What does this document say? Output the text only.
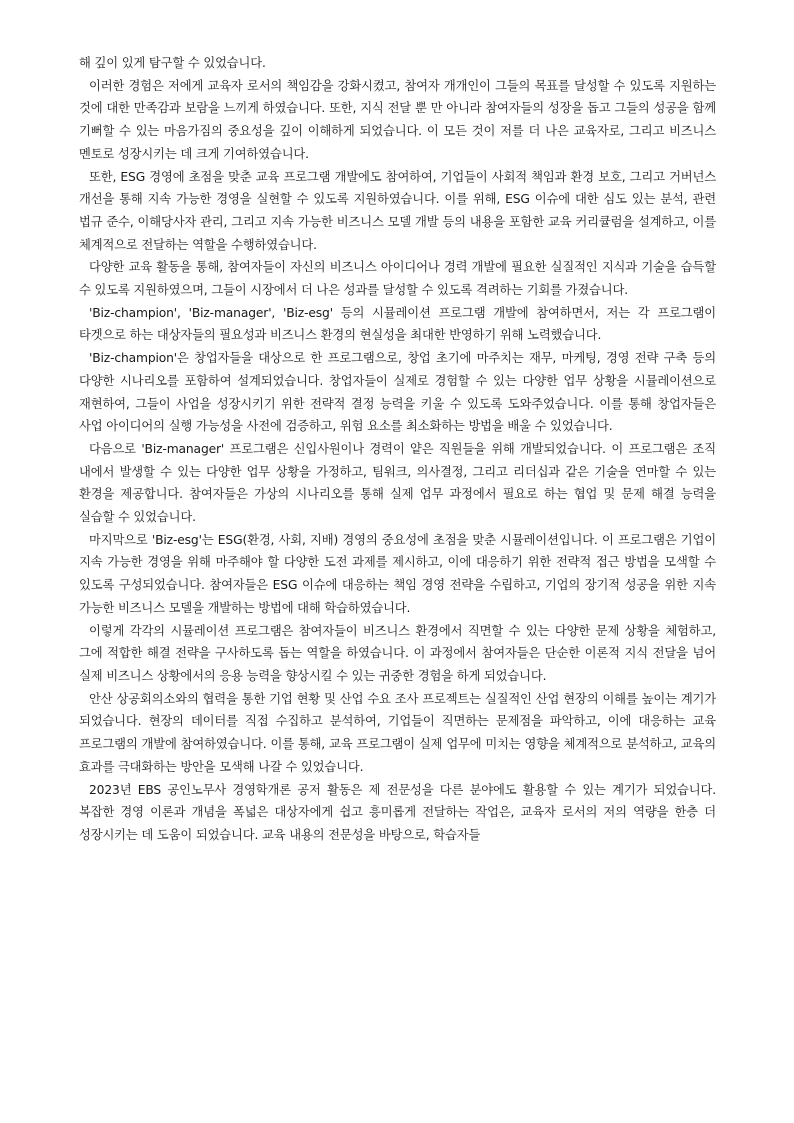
해 깊이 있게 탐구할 수 있었습니다.

이러한 경험은 저에게 교육자 로서의 책임감을 강화시켰고, 참여자 개개인이 그들의 목표를 달성할 수 있도록 지원하는 것에 대한 만족감과 보람을 느끼게 하였습니다. 또한, 지식 전달 뿐 만 아니라 참여자들의 성장을 돕고 그들의 성공을 함께 기뻐할 수 있는 마음가짐의 중요성을 깊이 이해하게 되었습니다. 이 모든 것이 저를 더 나은 교육자로, 그리고 비즈니스 멘토로 성장시키는 데 크게 기여하였습니다.

또한, ESG 경영에 초점을 맞춘 교육 프로그램 개발에도 참여하여, 기업들이 사회적 책임과 환경 보호, 그리고 거버넌스 개선을 통해 지속 가능한 경영을 실현할 수 있도록 지원하였습니다. 이를 위해, ESG 이슈에 대한 심도 있는 분석, 관련 법규 준수, 이해당사자 관리, 그리고 지속 가능한 비즈니스 모델 개발 등의 내용을 포함한 교육 커리큘럼을 설계하고, 이를 체계적으로 전달하는 역할을 수행하였습니다.

다양한 교육 활동을 통해, 참여자들이 자신의 비즈니스 아이디어나 경력 개발에 필요한 실질적인 지식과 기술을 습득할 수 있도록 지원하였으며, 그들이 시장에서 더 나은 성과를 달성할 수 있도록 격려하는 기회를 가졌습니다.

'Biz-champion', 'Biz-manager', 'Biz-esg' 등의 시뮬레이션 프로그램 개발에 참여하면서, 저는 각 프로그램이 타겟으로 하는 대상자들의 필요성과 비즈니스 환경의 현실성을 최대한 반영하기 위해 노력했습니다.

'Biz-champion'은 창업자들을 대상으로 한 프로그램으로, 창업 초기에 마주치는 재무, 마케팅, 경영 전략 구축 등의 다양한 시나리오를 포함하여 설계되었습니다. 창업자들이 실제로 경험할 수 있는 다양한 업무 상황을 시뮬레이션으로 재현하여, 그들이 사업을 성장시키기 위한 전략적 결정 능력을 키울 수 있도록 도와주었습니다. 이를 통해 창업자들은 사업 아이디어의 실행 가능성을 사전에 검증하고, 위험 요소를 최소화하는 방법을 배울 수 있었습니다.

다음으로 'Biz-manager' 프로그램은 신입사원이나 경력이 얕은 직원들을 위해 개발되었습니다. 이 프로그램은 조직 내에서 발생할 수 있는 다양한 업무 상황을 가정하고, 팀워크, 의사결정, 그리고 리더십과 같은 기술을 연마할 수 있는 환경을 제공합니다. 참여자들은 가상의 시나리오를 통해 실제 업무 과정에서 필요로 하는 협업 및 문제 해결 능력을 실습할 수 있었습니다.

마지막으로 'Biz-esg'는 ESG(환경, 사회, 지배) 경영의 중요성에 초점을 맞춘 시뮬레이션입니다. 이 프로그램은 기업이 지속 가능한 경영을 위해 마주해야 할 다양한 도전 과제를 제시하고, 이에 대응하기 위한 전략적 접근 방법을 모색할 수 있도록 구성되었습니다. 참여자들은 ESG 이슈에 대응하는 책임 경영 전략을 수립하고, 기업의 장기적 성공을 위한 지속 가능한 비즈니스 모델을 개발하는 방법에 대해 학습하였습니다.

이렇게 각각의 시뮬레이션 프로그램은 참여자들이 비즈니스 환경에서 직면할 수 있는 다양한 문제 상황을 체험하고, 그에 적합한 해결 전략을 구사하도록 돕는 역할을 하였습니다. 이 과정에서 참여자들은 단순한 이론적 지식 전달을 넘어 실제 비즈니스 상황에서의 응용 능력을 향상시킬 수 있는 귀중한 경험을 하게 되었습니다.

안산 상공회의소와의 협력을 통한 기업 현황 및 산업 수요 조사 프로젝트는 실질적인 산업 현장의 이해를 높이는 계기가 되었습니다. 현장의 데이터를 직접 수집하고 분석하여, 기업들이 직면하는 문제점을 파악하고, 이에 대응하는 교육 프로그램의 개발에 참여하였습니다. 이를 통해, 교육 프로그램이 실제 업무에 미치는 영향을 체계적으로 분석하고, 교육의 효과를 극대화하는 방안을 모색해 나갈 수 있었습니다.

2023년 EBS 공인노무사 경영학개론 공저 활동은 제 전문성을 다른 분야에도 활용할 수 있는 계기가 되었습니다. 복잡한 경영 이론과 개념을 폭넓은 대상자에게 쉽고 흥미롭게 전달하는 작업은, 교육자 로서의 저의 역량을 한층 더 성장시키는 데 도움이 되었습니다. 교육 내용의 전문성을 바탕으로, 학습자들
